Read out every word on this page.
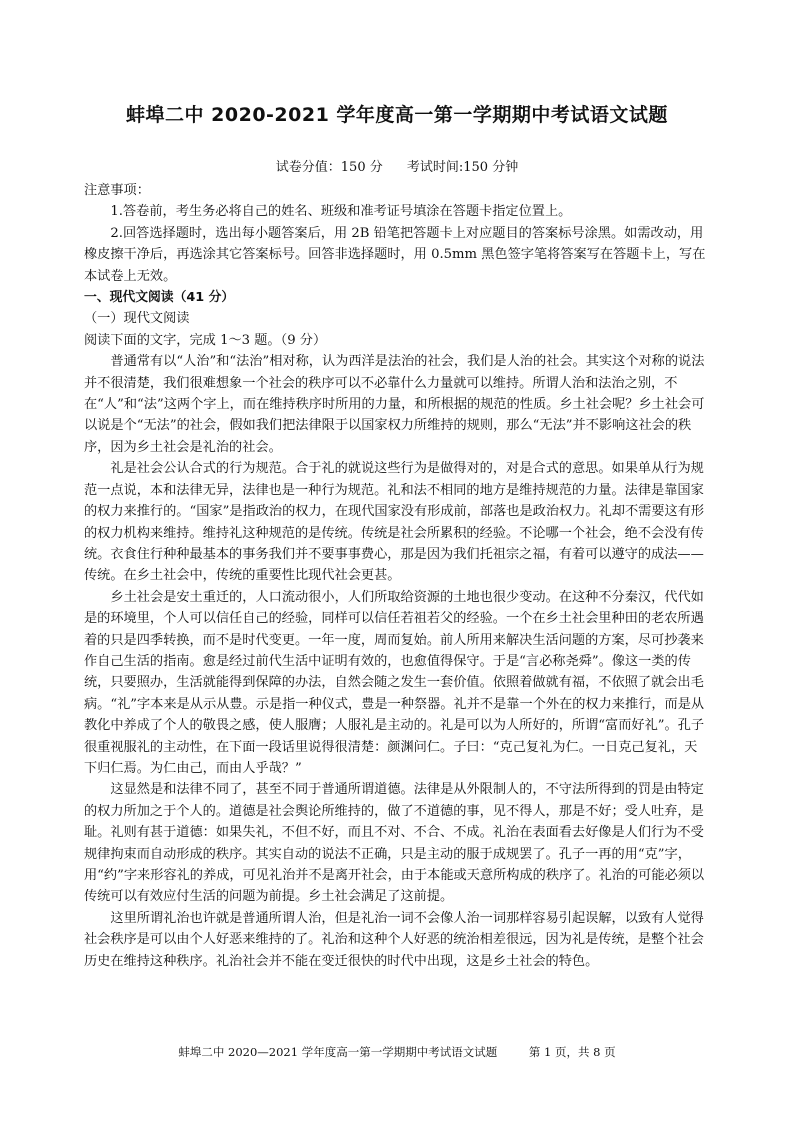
蚌埠二中 2020-2021 学年度高一第一学期期中考试语文试题
试卷分值：150 分 考试时间:150 分钟

注意事项：

1.答卷前，考生务必将自己的姓名、班级和准考证号填涂在答题卡指定位置上。

2.回答选择题时，选出每小题答案后，用 2B 铅笔把答题卡上对应题目的答案标号涂黑。如需改动，用橡皮擦干净后，再选涂其它答案标号。回答非选择题时，用 0.5mm 黑色签字笔将答案写在答题卡上，写在本试卷上无效。

一、现代文阅读（41 分）

（一）现代文阅读

阅读下面的文字，完成 1～3 题。（9 分）

普通常有以“人治”和“法治”相对称，认为西洋是法治的社会，我们是人治的社会。其实这个对称的说法并不很清楚，我们很难想象一个社会的秩序可以不必靠什么力量就可以维持。所谓人治和法治之别，不在“人”和“法”这两个字上，而在维持秩序时所用的力量，和所根据的规范的性质。乡土社会呢？乡土社会可以说是个“无法”的社会，假如我们把法律限于以国家权力所维持的规则，那么“无法”并不影响这社会的秩序，因为乡土社会是礼治的社会。

礼是社会公认合式的行为规范。合于礼的就说这些行为是做得对的，对是合式的意思。如果单从行为规范一点说，本和法律无异，法律也是一种行为规范。礼和法不相同的地方是维持规范的力量。法律是靠国家的权力来推行的。“国家”是指政治的权力，在现代国家没有形成前，部落也是政治权力。礼却不需要这有形的权力机构来维持。维持礼这种规范的是传统。传统是社会所累积的经验。不论哪一个社会，绝不会没有传统。衣食住行种种最基本的事务我们并不要事事费心，那是因为我们托祖宗之福，有着可以遵守的成法——传统。在乡土社会中，传统的重要性比现代社会更甚。

乡土社会是安土重迁的，人口流动很小，人们所取给资源的土地也很少变动。在这种不分秦汉，代代如是的环境里，个人可以信任自己的经验，同样可以信任若祖若父的经验。一个在乡土社会里种田的老农所遇着的只是四季转换，而不是时代变更。一年一度，周而复始。前人所用来解决生活问题的方案，尽可抄袭来作自己生活的指南。愈是经过前代生活中证明有效的，也愈值得保守。于是“言必称尧舜”。像这一类的传统，只要照办，生活就能得到保障的办法，自然会随之发生一套价值。依照着做就有福，不依照了就会出毛病。“礼”字本来是从示从豊。示是指一种仪式，豊是一种祭器。礼并不是靠一个外在的权力来推行，而是从教化中养成了个人的敬畏之感，使人服膺；人服礼是主动的。礼是可以为人所好的，所谓“富而好礼”。孔子很重视服礼的主动性，在下面一段话里说得很清楚：颜渊问仁。子曰：“克己复礼为仁。一日克己复礼，天下归仁焉。为仁由己，而由人乎哉？”

这显然是和法律不同了，甚至不同于普通所谓道德。法律是从外限制人的，不守法所得到的罚是由特定的权力所加之于个人的。道德是社会舆论所维持的，做了不道德的事，见不得人，那是不好；受人吐弃，是耻。礼则有甚于道德：如果失礼，不但不好，而且不对、不合、不成。礼治在表面看去好像是人们行为不受规律拘束而自动形成的秩序。其实自动的说法不正确，只是主动的服于成规罢了。孔子一再的用“克”字，用“约”字来形容礼的养成，可见礼治并不是离开社会，由于本能或天意所构成的秩序了。礼治的可能必须以传统可以有效应付生活的问题为前提。乡土社会满足了这前提。

这里所谓礼治也许就是普通所谓人治，但是礼治一词不会像人治一词那样容易引起误解，以致有人觉得社会秩序是可以由个人好恶来维持的了。礼治和这种个人好恶的统治相差很远，因为礼是传统，是整个社会历史在维持这种秩序。礼治社会并不能在变迁很快的时代中出现，这是乡土社会的特色。

蚌埠二中 2020—2021 学年度高一第一学期期中考试语文试题	第 1 页，共 8 页
